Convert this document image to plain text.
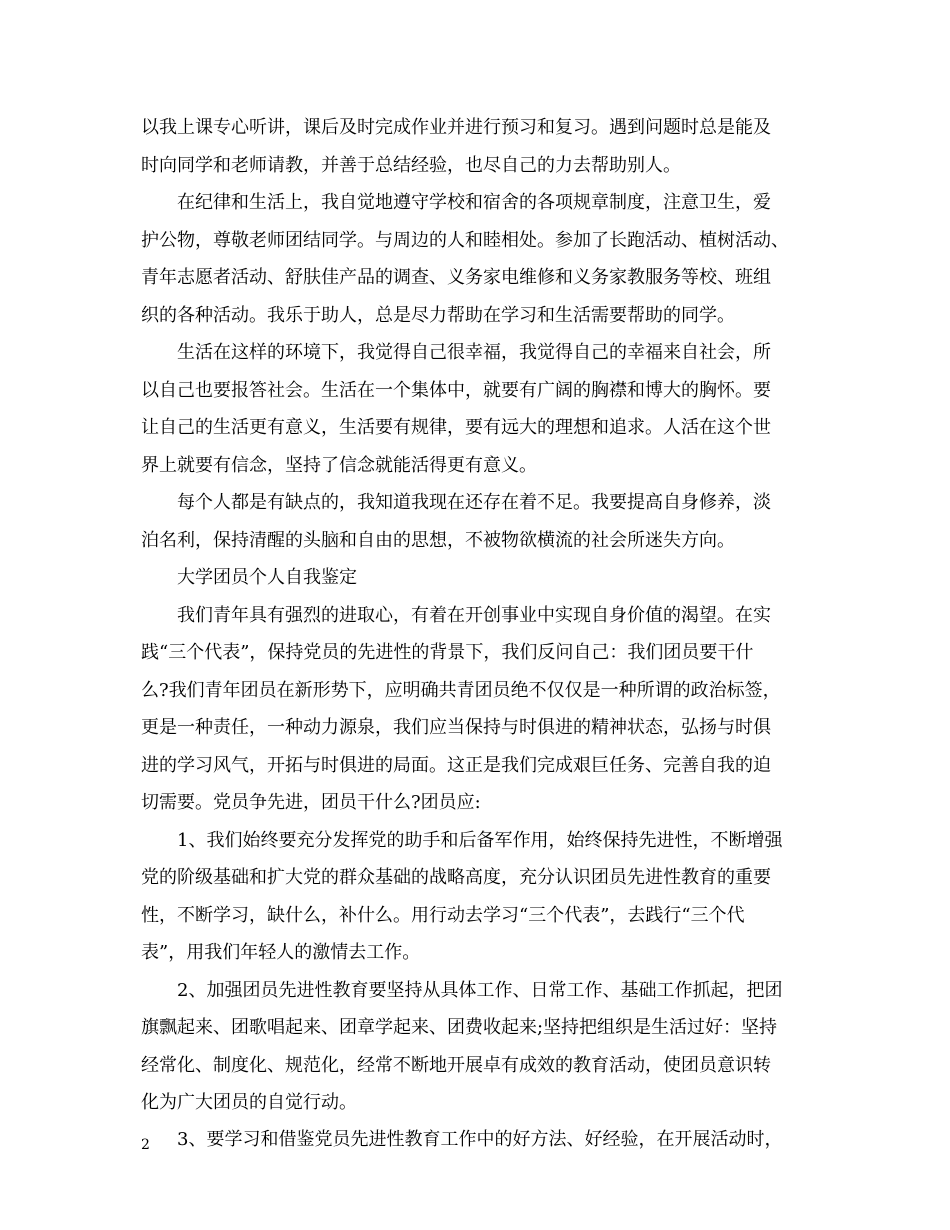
以我上课专心听讲，课后及时完成作业并进行预习和复习。遇到问题时总是能及
时向同学和老师请教，并善于总结经验，也尽自己的力去帮助别人。
在纪律和生活上，我自觉地遵守学校和宿舍的各项规章制度，注意卫生，爱
护公物，尊敬老师团结同学。与周边的人和睦相处。参加了长跑活动、植树活动、
青年志愿者活动、舒肤佳产品的调查、义务家电维修和义务家教服务等校、班组
织的各种活动。我乐于助人，总是尽力帮助在学习和生活需要帮助的同学。
生活在这样的环境下，我觉得自己很幸福，我觉得自己的幸福来自社会，所
以自己也要报答社会。生活在一个集体中，就要有广阔的胸襟和博大的胸怀。要
让自己的生活更有意义，生活要有规律，要有远大的理想和追求。人活在这个世
界上就要有信念，坚持了信念就能活得更有意义。
每个人都是有缺点的，我知道我现在还存在着不足。我要提高自身修养，淡
泊名利，保持清醒的头脑和自由的思想，不被物欲横流的社会所迷失方向。
大学团员个人自我鉴定
我们青年具有强烈的进取心，有着在开创事业中实现自身价值的渴望。在实
践“三个代表”，保持党员的先进性的背景下，我们反问自己：我们团员要干什
么?我们青年团员在新形势下，应明确共青团员绝不仅仅是一种所谓的政治标签，
更是一种责任，一种动力源泉，我们应当保持与时俱进的精神状态，弘扬与时俱
进的学习风气，开拓与时俱进的局面。这正是我们完成艰巨任务、完善自我的迫
切需要。党员争先进，团员干什么?团员应:
1、我们始终要充分发挥党的助手和后备军作用，始终保持先进性，不断增强
党的阶级基础和扩大党的群众基础的战略高度，充分认识团员先进性教育的重要
性，不断学习，缺什么，补什么。用行动去学习“三个代表”，去践行“三个代
表”，用我们年轻人的激情去工作。
2、加强团员先进性教育要坚持从具体工作、日常工作、基础工作抓起，把团
旗飘起来、团歌唱起来、团章学起来、团费收起来;坚持把组织是生活过好：坚持
经常化、制度化、规范化，经常不断地开展卓有成效的教育活动，使团员意识转
化为广大团员的自觉行动。
3、要学习和借鉴党员先进性教育工作中的好方法、好经验，在开展活动时，
2
